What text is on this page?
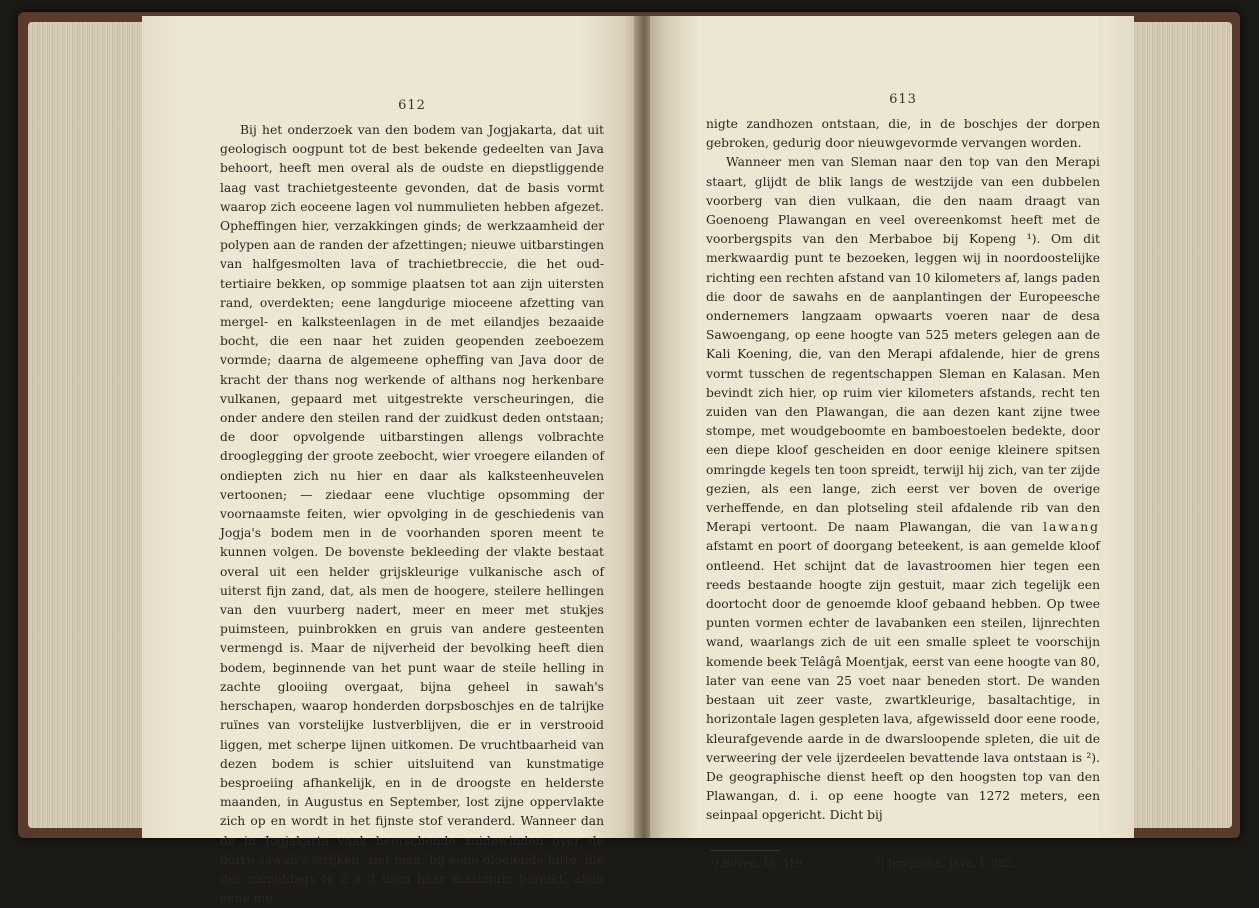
612

Bij het onderzoek van den bodem van Jogjakarta, dat uit geologisch oogpunt tot de best bekende gedeelten van Java behoort, heeft men overal als de oudste en diepstliggende laag vast trachietgesteente gevonden, dat de basis vormt waarop zich eoceene lagen vol nummulieten hebben afgezet. Opheffingen hier, verzakkingen ginds; de werkzaamheid der polypen aan de randen der afzettingen; nieuwe uitbarstingen van halfgesmolten lava of trachietbreccie, die het oud-tertiaire bekken, op sommige plaatsen tot aan zijn uitersten rand, overdekten; eene langdurige mioceene afzetting van mergel- en kalksteenlagen in de met eilandjes bezaaide bocht, die een naar het zuiden geopenden zeeboezem vormde; daarna de algemeene opheffing van Java door de kracht der thans nog werkende of althans nog herkenbare vulkanen, gepaard met uitgestrekte verscheuringen, die onder andere den steilen rand der zuidkust deden ontstaan; de door opvolgende uitbarstingen allengs volbrachte drooglegging der groote zeebocht, wier vroegere eilanden of ondiepten zich nu hier en daar als kalksteenheuvelen vertoonen; — ziedaar eene vluchtige opsomming der voornaamste feiten, wier opvolging in de geschiedenis van Jogja's bodem men in de voorhanden sporen meent te kunnen volgen. De bovenste bekleeding der vlakte bestaat overal uit een helder grijskleurige vulkanische asch of uiterst fijn zand, dat, als men de hoogere, steilere hellingen van den vuurberg nadert, meer en meer met stukjes puimsteen, puinbrokken en gruis van andere gesteenten vermengd is. Maar de nijverheid der bevolking heeft dien bodem, beginnende van het punt waar de steile helling in zachte glooiing overgaat, bijna geheel in sawah's herschapen, waarop honderden dorpsboschjes en de talrijke ruïnes van vorstelijke lustverblijven, die er in verstrooid liggen, met scherpe lijnen uitkomen. De vruchtbaarheid van dezen bodem is schier uitsluitend van kunstmatige besproeiing afhankelijk, en in de droogste en helderste maanden, in Augustus en September, lost zijne oppervlakte zich op en wordt in het fijnste stof veranderd. Wanneer dan de in Jogjakarta vaak heerschende zuidewinden over de dorre sawah's strijken, ziet men, bij eene gloeiende hitte, die des namiddags te 2 à 3 uren haar maximum bereikt, alom eene me-

613

nigte zandhozen ontstaan, die, in de boschjes der dorpen gebroken, gedurig door nieuwgevormde vervangen worden.

Wanneer men van Sleman naar den top van den Merapi staart, glijdt de blik langs de westzijde van een dubbelen voorberg van dien vulkaan, die den naam draagt van Goenoeng Plawangan en veel overeenkomst heeft met de voorbergspits van den Merbaboe bij Kopeng ¹). Om dit merkwaardig punt te bezoeken, leggen wij in noordoostelijke richting een rechten afstand van 10 kilometers af, langs paden die door de sawahs en de aanplantingen der Europeesche ondernemers langzaam opwaarts voeren naar de desa Sawoengang, op eene hoogte van 525 meters gelegen aan de Kali Koening, die, van den Merapi afdalende, hier de grens vormt tusschen de regentschappen Sleman en Kalasan. Men bevindt zich hier, op ruim vier kilometers afstands, recht ten zuiden van den Plawangan, die aan dezen kant zijne twee stompe, met woudgeboomte en bamboestoelen bedekte, door een diepe kloof gescheiden en door eenige kleinere spitsen omringde kegels ten toon spreidt, terwijl hij zich, van ter zijde gezien, als een lange, zich eerst ver boven de overige verheffende, en dan plotseling steil afdalende rib van den Merapi vertoont. De naam Plawangan, die van lawang afstamt en poort of doorgang beteekent, is aan gemelde kloof ontleend. Het schijnt dat de lavastroomen hier tegen een reeds bestaande hoogte zijn gestuit, maar zich tegelijk een doortocht door de genoemde kloof gebaand hebben. Op twee punten vormen echter de lavabanken een steilen, lijnrechten wand, waarlangs zich de uit een smalle spleet te voorschijn komende beek Telâgâ Moentjak, eerst van eene hoogte van 80, later van eene van 25 voet naar beneden stort. De wanden bestaan uit zeer vaste, zwartkleurige, basaltachtige, in horizontale lagen gespleten lava, afgewisseld door eene roode, kleurafgevende aarde in de dwarsloopende spleten, die uit de verweering der vele ijzerdeelen bevattende lava ontstaan is ²). De geographische dienst heeft op den hoogsten top van den Plawangan, d. i. op eene hoogte van 1272 meters, een seinpaal opgericht. Dicht bij

¹) Boven, bl. 519.	²) Junghuhn, Java, I. 382.
